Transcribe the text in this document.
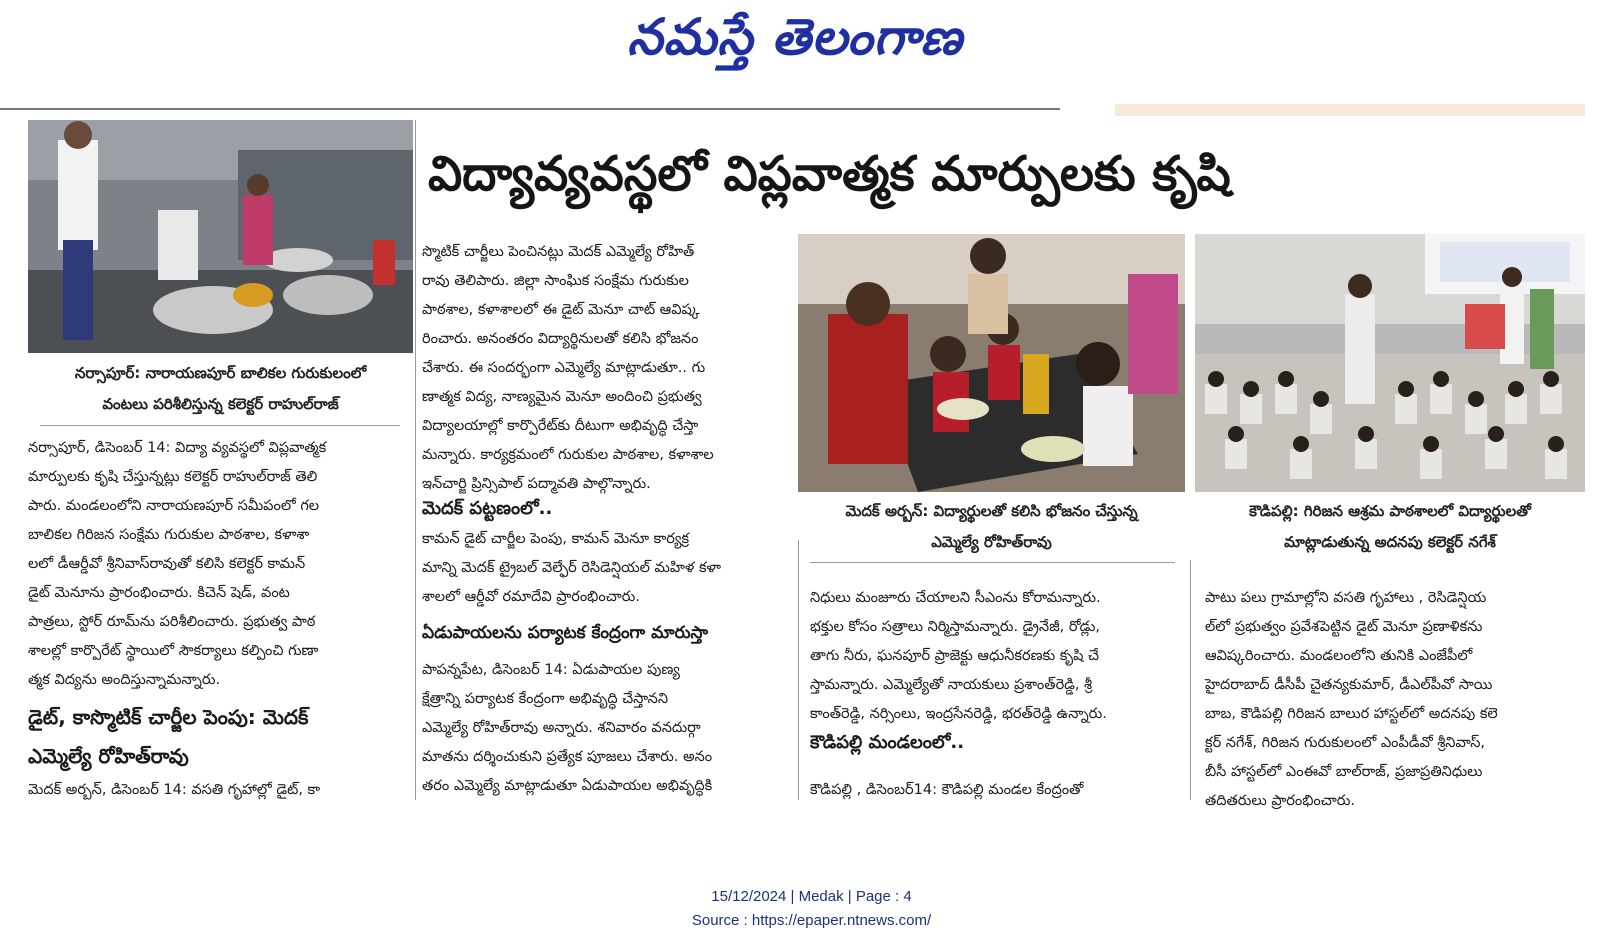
నమస్తే తెలంగాణ
విద్యావ్యవస్థలో విప్లవాత్మక మార్పులకు కృషి
నర్సాపూర్: నారాయణపూర్ బాలికల గురుకులంలో
వంటలు పరిశీలిస్తున్న కలెక్టర్ రాహుల్‌రాజ్
నర్సాపూర్, డిసెంబర్ 14: విద్యా వ్యవస్థలో విప్లవాత్మక
మార్పులకు కృషి చేస్తున్నట్లు కలెక్టర్ రాహుల్‌రాజ్ తెలి
పారు. మండలంలోని నారాయణపూర్ సమీపంలో గల
బాలికల గిరిజన సంక్షేమ గురుకుల పాఠశాల, కళాశా
లలో డీఆర్డీవో శ్రీనివాస్‌రావుతో కలిసి కలెక్టర్ కామన్
డైట్ మెనూను ప్రారంభించారు. కిచెన్ షెడ్, వంట
పాత్రలు, స్టోర్ రూమ్‌ను పరిశీలించారు. ప్రభుత్వ పాఠ
శాలల్లో కార్పొరేట్ స్థాయిలో సౌకర్యాలు కల్పించి గుణా
త్మక విద్యను అందిస్తున్నామన్నారు.
డైట్, కాస్మొటిక్ చార్జీల పెంపు: మెదక్
ఎమ్మెల్యే రోహిత్‌రావు
మెదక్ అర్బన్, డిసెంబర్ 14: వసతి గృహాల్లో డైట్, కా
స్మొటిక్ చార్జీలు పెంచినట్లు మెదక్ ఎమ్మెల్యే రోహిత్
రావు తెలిపారు. జిల్లా సాంఘిక సంక్షేమ గురుకుల
పాఠశాల, కళాశాలలో ఈ డైట్ మెనూ చాట్ ఆవిష్క
రించారు. అనంతరం విద్యార్థినులతో కలిసి భోజనం
చేశారు. ఈ సందర్భంగా ఎమ్మెల్యే మాట్లాడుతూ.. గు
ణాత్మక విద్య, నాణ్యమైన మెనూ అందించి ప్రభుత్వ
విద్యాలయాల్లో కార్పొరేట్‌కు దీటుగా అభివృద్ధి చేస్తా
మన్నారు. కార్యక్రమంలో గురుకుల పాఠశాల, కళాశాల
ఇన్‌చార్జి ప్రిన్సిపాల్ పద్మావతి పాల్గొన్నారు.
మెదక్ పట్టణంలో..
కామన్ డైట్ చార్జీల పెంపు, కామన్ మెనూ కార్యక్ర
మాన్ని మెదక్ ట్రైబల్ వెల్ఫేర్ రెసిడెన్షియల్ మహిళ కళా
శాలలో ఆర్డీవో రమాదేవి ప్రారంభించారు.
ఏడుపాయలను పర్యాటక కేంద్రంగా మారుస్తా
పాపన్నపేట, డిసెంబర్ 14: ఏడుపాయల పుణ్య
క్షేత్రాన్ని పర్యాటక కేంద్రంగా అభివృద్ధి చేస్తానని
ఎమ్మెల్యే రోహిత్‌రావు అన్నారు. శనివారం వనదుర్గా
మాతను దర్శించుకుని ప్రత్యేక పూజలు చేశారు. అనం
తరం ఎమ్మెల్యే మాట్లాడుతూ ఏడుపాయల అభివృద్ధికి
మెదక్ అర్బన్: విద్యార్థులతో కలిసి భోజనం చేస్తున్న
ఎమ్మెల్యే రోహిత్‌రావు
కౌడిపల్లి: గిరిజన ఆశ్రమ పాఠశాలలో విద్యార్థులతో
మాట్లాడుతున్న అదనపు కలెక్టర్ నగేశ్
నిధులు మంజూరు చేయాలని సీఎంను కోరామన్నారు.
భక్తుల కోసం సత్రాలు నిర్మిస్తామన్నారు. డ్రైనేజీ, రోడ్లు,
తాగు నీరు, ఘనపూర్ ప్రాజెక్టు ఆధునీకరణకు కృషి చే
స్తామన్నారు. ఎమ్మెల్యేతో నాయకులు ప్రశాంత్‌రెడ్డి, శ్రీ
కాంత్‌రెడ్డి, నర్సింలు, ఇంద్రసేనరెడ్డి, భరత్‌రెడ్డి ఉన్నారు.
కౌడిపల్లి మండలంలో..
కౌడిపల్లి , డిసెంబర్14: కౌడిపల్లి మండల కేంద్రంతో
పాటు పలు గ్రామాల్లోని వసతి గృహాలు , రెసిడెన్షియ
ల్‌లో ప్రభుత్వం ప్రవేశపెట్టిన డైట్ మెనూ ప్రణాళికను
ఆవిష్కరించారు. మండలంలోని తునికి ఎంజేపీలో
హైదరాబాద్ డీసీపీ చైతన్యకుమార్, డీఎల్‌పీవో సాయి
బాబ, కౌడిపల్లి గిరిజన బాలుర హాస్టల్‌లో అదనపు కలె
క్టర్ నగేశ్, గిరిజన గురుకులంలో ఎంపీడీవో శ్రీనివాస్,
బీసీ హాస్టల్‌లో ఎంఈవో బాల్‌రాజ్, ప్రజాప్రతినిధులు
తదితరులు ప్రారంభించారు.
15/12/2024 | Medak | Page : 4
Source : https://epaper.ntnews.com/
